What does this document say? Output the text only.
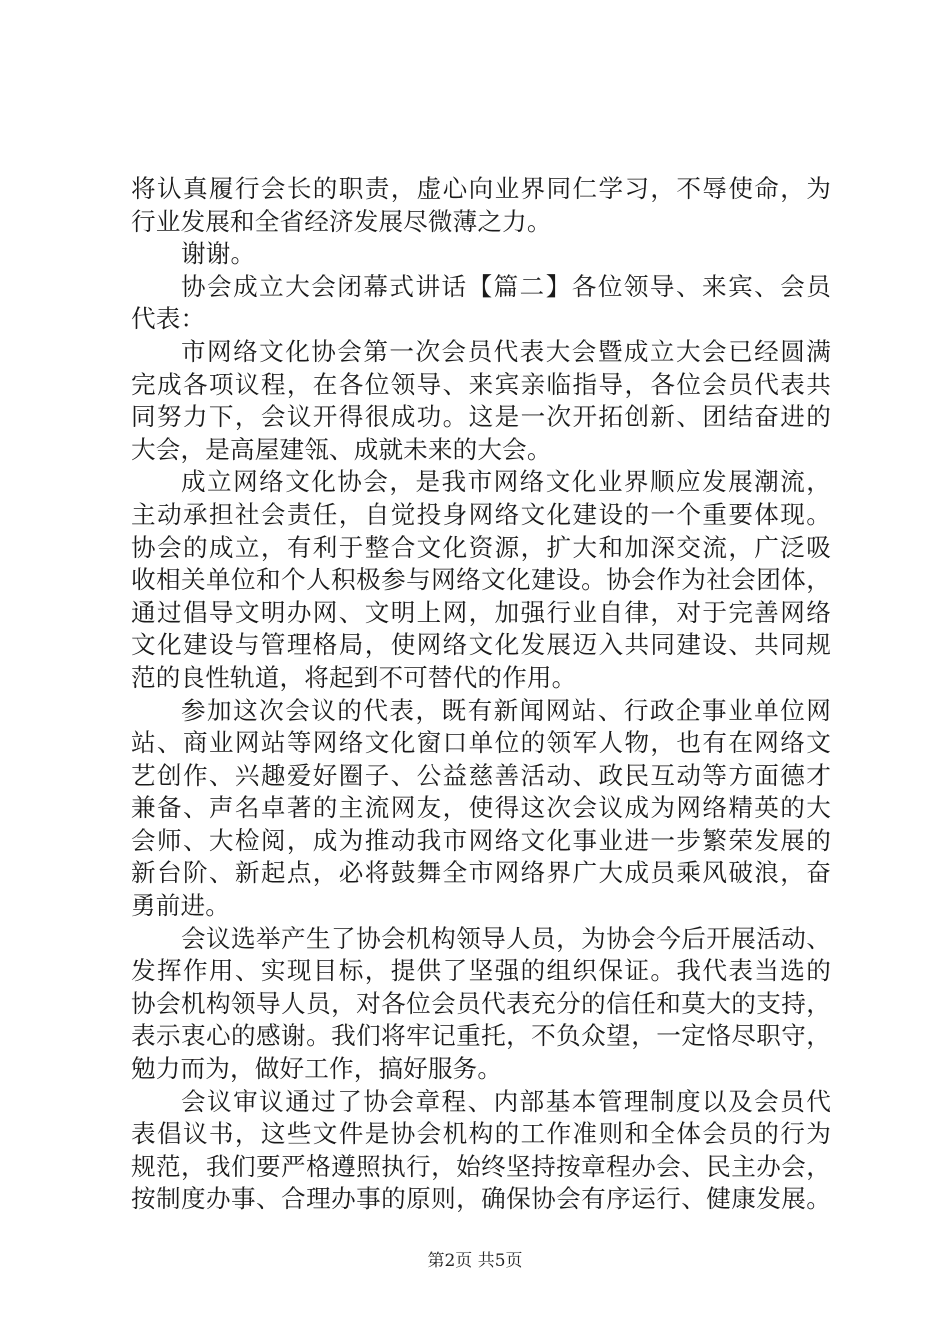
将认真履行会长的职责，虚心向业界同仁学习，不辱使命，为
行业发展和全省经济发展尽微薄之力。
谢谢。
协会成立大会闭幕式讲话【篇二】各位领导、来宾、会员
代表：
市网络文化协会第一次会员代表大会暨成立大会已经圆满
完成各项议程，在各位领导、来宾亲临指导，各位会员代表共
同努力下，会议开得很成功。这是一次开拓创新、团结奋进的
大会，是高屋建瓴、成就未来的大会。
成立网络文化协会，是我市网络文化业界顺应发展潮流，
主动承担社会责任，自觉投身网络文化建设的一个重要体现。
协会的成立，有利于整合文化资源，扩大和加深交流，广泛吸
收相关单位和个人积极参与网络文化建设。协会作为社会团体，
通过倡导文明办网、文明上网，加强行业自律，对于完善网络
文化建设与管理格局，使网络文化发展迈入共同建设、共同规
范的良性轨道，将起到不可替代的作用。
参加这次会议的代表，既有新闻网站、行政企事业单位网
站、商业网站等网络文化窗口单位的领军人物，也有在网络文
艺创作、兴趣爱好圈子、公益慈善活动、政民互动等方面德才
兼备、声名卓著的主流网友，使得这次会议成为网络精英的大
会师、大检阅，成为推动我市网络文化事业进一步繁荣发展的
新台阶、新起点，必将鼓舞全市网络界广大成员乘风破浪，奋
勇前进。
会议选举产生了协会机构领导人员，为协会今后开展活动、
发挥作用、实现目标，提供了坚强的组织保证。我代表当选的
协会机构领导人员，对各位会员代表充分的信任和莫大的支持，
表示衷心的感谢。我们将牢记重托，不负众望，一定恪尽职守，
勉力而为，做好工作，搞好服务。
会议审议通过了协会章程、内部基本管理制度以及会员代
表倡议书，这些文件是协会机构的工作准则和全体会员的行为
规范，我们要严格遵照执行，始终坚持按章程办会、民主办会，
按制度办事、合理办事的原则，确保协会有序运行、健康发展。
第2页 共5页
